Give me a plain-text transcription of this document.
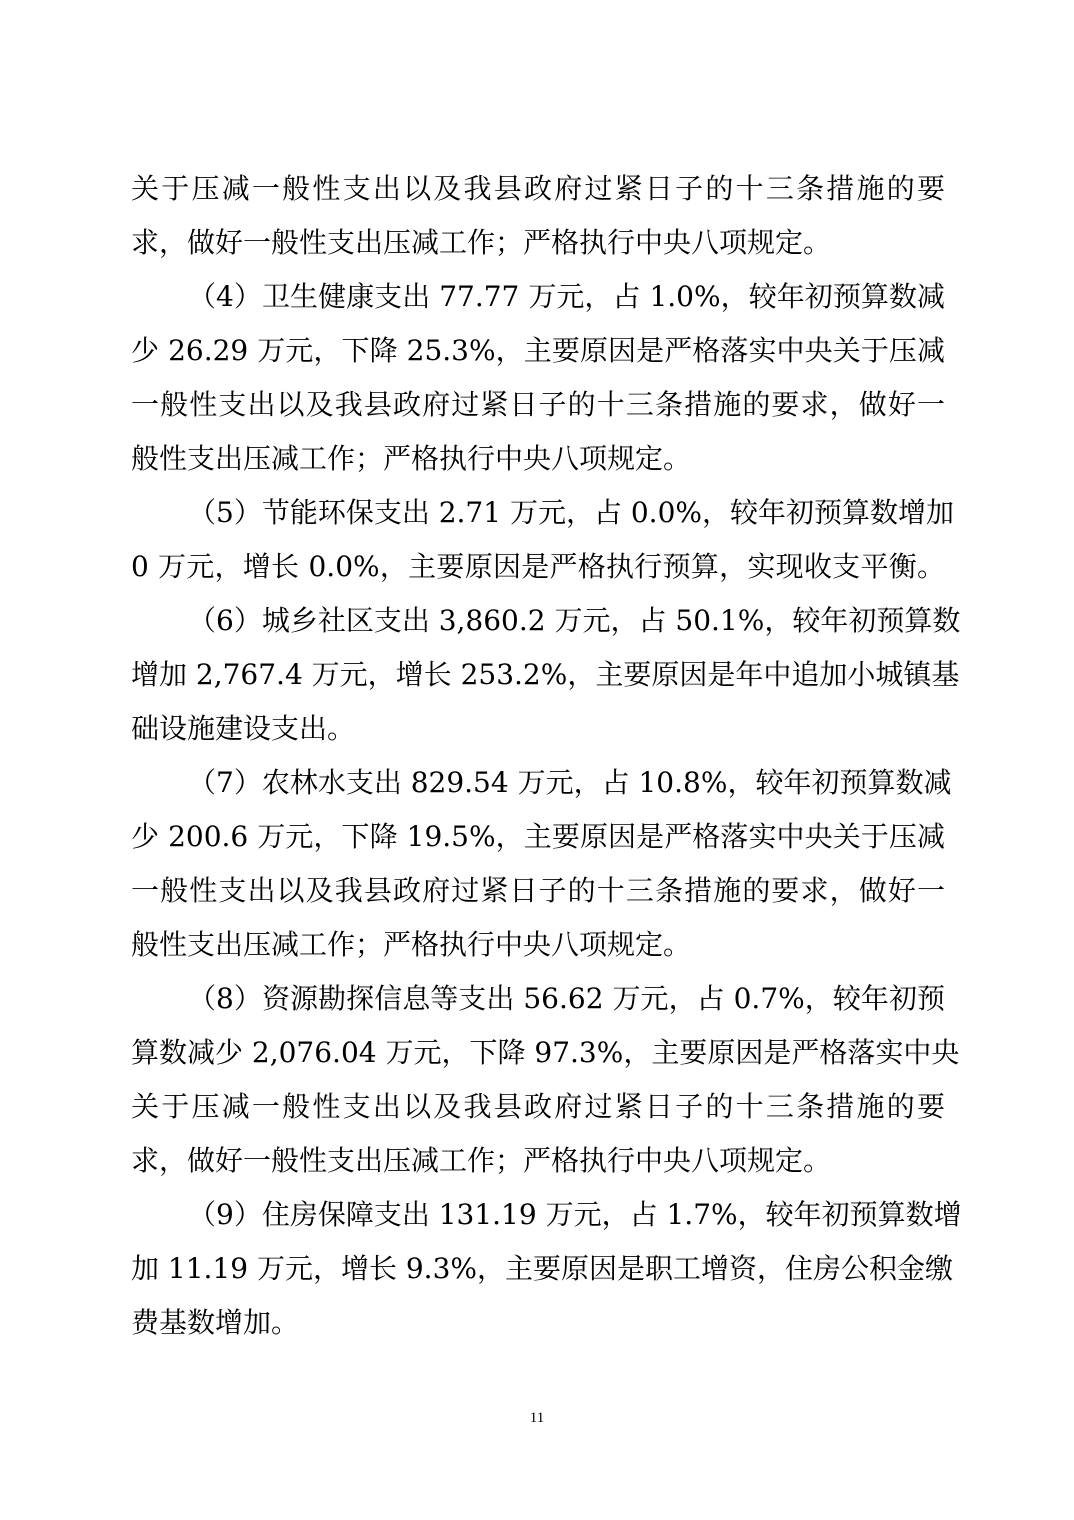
关于压减一般性支出以及我县政府过紧日子的十三条措施的要
求，做好一般性支出压减工作；严格执行中央八项规定。
（4）卫生健康支出 77.77 万元，占 1.0%，较年初预算数减
少 26.29 万元，下降 25.3%，主要原因是严格落实中央关于压减
一般性支出以及我县政府过紧日子的十三条措施的要求，做好一
般性支出压减工作；严格执行中央八项规定。
（5）节能环保支出 2.71 万元，占 0.0%，较年初预算数增加
0 万元，增长 0.0%，主要原因是严格执行预算，实现收支平衡。
（6）城乡社区支出 3,860.2 万元，占 50.1%，较年初预算数
增加 2,767.4 万元，增长 253.2%，主要原因是年中追加小城镇基
础设施建设支出。
（7）农林水支出 829.54 万元，占 10.8%，较年初预算数减
少 200.6 万元，下降 19.5%，主要原因是严格落实中央关于压减
一般性支出以及我县政府过紧日子的十三条措施的要求，做好一
般性支出压减工作；严格执行中央八项规定。
（8）资源勘探信息等支出 56.62 万元，占 0.7%，较年初预
算数减少 2,076.04 万元，下降 97.3%，主要原因是严格落实中央
关于压减一般性支出以及我县政府过紧日子的十三条措施的要
求，做好一般性支出压减工作；严格执行中央八项规定。
（9）住房保障支出 131.19 万元，占 1.7%，较年初预算数增
加 11.19 万元，增长 9.3%，主要原因是职工增资，住房公积金缴
费基数增加。
11
